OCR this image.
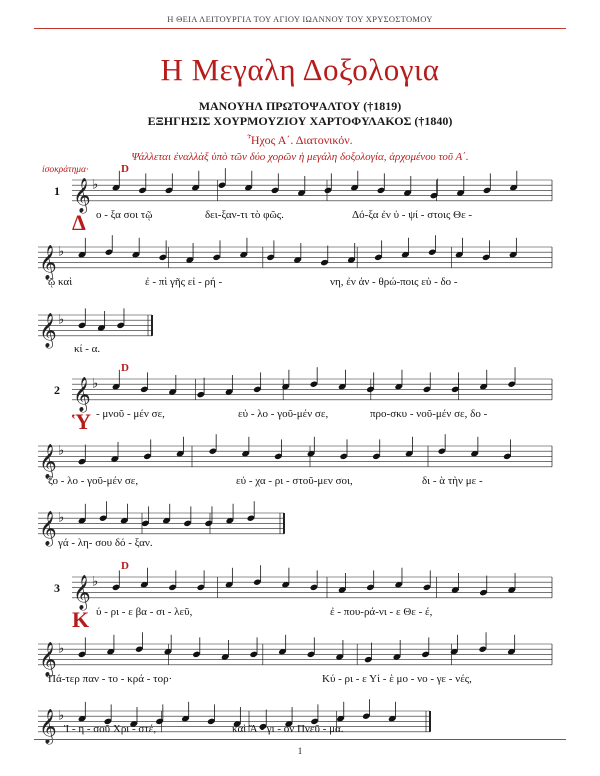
Η ΘΕΙΑ ΛΕΙΤΟΥΡΓΙΑ ΤΟΥ ΑΓΙΟΥ ΙΩΑΝΝΟΥ ΤΟΥ ΧΡΥΣΟΣΤΟΜΟΥ
Η Μεγαλη Δοξολογια
ΜΑΝΟΥΗΛ ΠΡΩΤΟΨΑΛΤΟΥ (†1819)
ΕΞΗΓΗΣΙΣ ΧΟΥΡΜΟΥΖΙΟΥ ΧΑΡΤΟΦΥΛΑΚΟΣ (†1840)
Ἦχος Α΄. Διατονικόν.
Ψάλλεται ἐναλλὰξ ὑπὸ τῶν δύο χορῶν ἡ μεγάλη δοξολογία, ἀρχομένου τοῦ Α΄.
ἰσοκράτημα·
𝄞 ♭
𝄞 ♭
𝄞 ♭
𝄞 ♭
𝄞 ♭
𝄞 ♭
𝄞 ♭
𝄞 ♭
𝄞 ♭
1
Δ
D
2
Ὑ
D
3
Κ
D
ο - ξα σοι τῷ	δει-ξαν-τι τὸ φῶς.	Δό-ξα ἐν ὑ - ψί - στοις Θε -
ῷ καὶ	ἐ - πὶ γῆς εἰ - ρή -	νη, ἐν ἀν - θρώ-ποις εὐ - δο -
κί - α.
- μνοῦ - μέν σε,	εὐ - λο - γοῦ-μέν σε,	προ-σκυ - νοῦ-μέν σε, δο -
ξο - λο - γοῦ-μέν σε,	εὐ - χα - ρι - στοῦ-μεν σοι,	δι - ὰ τὴν με -
γά - λη- σου δό - ξαν.
ύ - ρι - ε βα - σι - λεῦ,	ἐ - που-ρά-νι - ε Θε - έ,
Πά-τερ παν - το - κρά - τορ·	Κύ - ρι - ε Υἱ - ὲ μο - νο - γε - νές,
Ἰ - η - σοῦ Χρι - στέ,	καὶ Ἅ - γι - ον Πνεῦ - μα.
1
